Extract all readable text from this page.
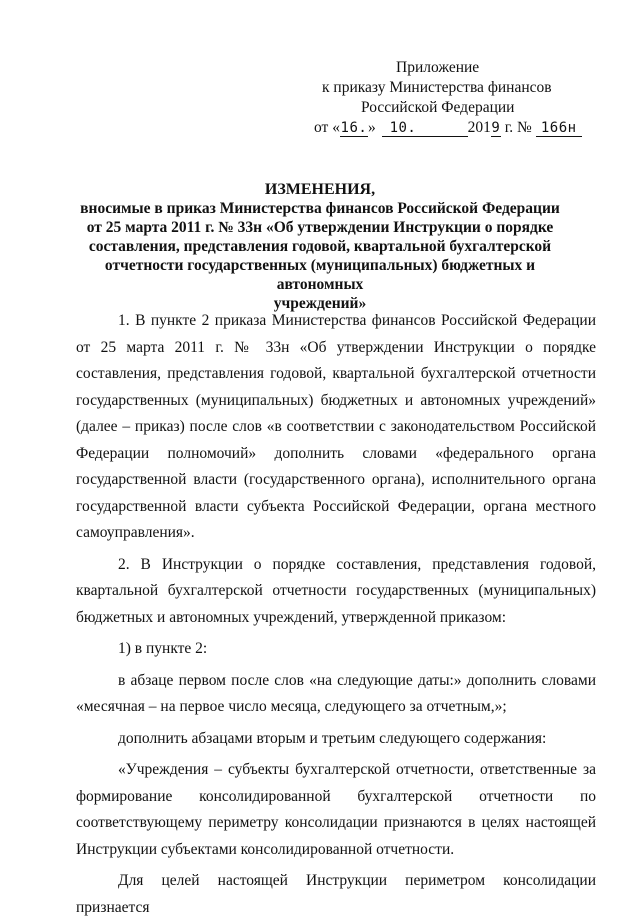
Приложение
к приказу Министерства финансов
Российской Федерации
от «16.» 10.	2019 г. № 166н
ИЗМЕНЕНИЯ,
вносимые в приказ Министерства финансов Российской Федерации
от 25 марта 2011 г. № 33н «Об утверждении Инструкции о порядке
составления, представления годовой, квартальной бухгалтерской
отчетности государственных (муниципальных) бюджетных и автономных
учреждений»

1. В пункте 2 приказа Министерства финансов Российской Федерации от 25 марта 2011 г. № 33н «Об утверждении Инструкции о порядке составления, представления годовой, квартальной бухгалтерской отчетности государственных (муниципальных) бюджетных и автономных учреждений» (далее – приказ) после слов «в соответствии с законодательством Российской Федерации полномочий» дополнить словами «федерального органа государственной власти (государственного органа), исполнительного органа государственной власти субъекта Российской Федерации, органа местного самоуправления».

2. В Инструкции о порядке составления, представления годовой, квартальной бухгалтерской отчетности государственных (муниципальных) бюджетных и автономных учреждений, утвержденной приказом:

1) в пункте 2:

в абзаце первом после слов «на следующие даты:» дополнить словами «месячная – на первое число месяца, следующего за отчетным,»;

дополнить абзацами вторым и третьим следующего содержания:

«Учреждения – субъекты бухгалтерской отчетности, ответственные за формирование консолидированной бухгалтерской отчетности по соответствующему периметру консолидации признаются в целях настоящей Инструкции субъектами консолидированной отчетности.

Для целей настоящей Инструкции периметром консолидации признается
